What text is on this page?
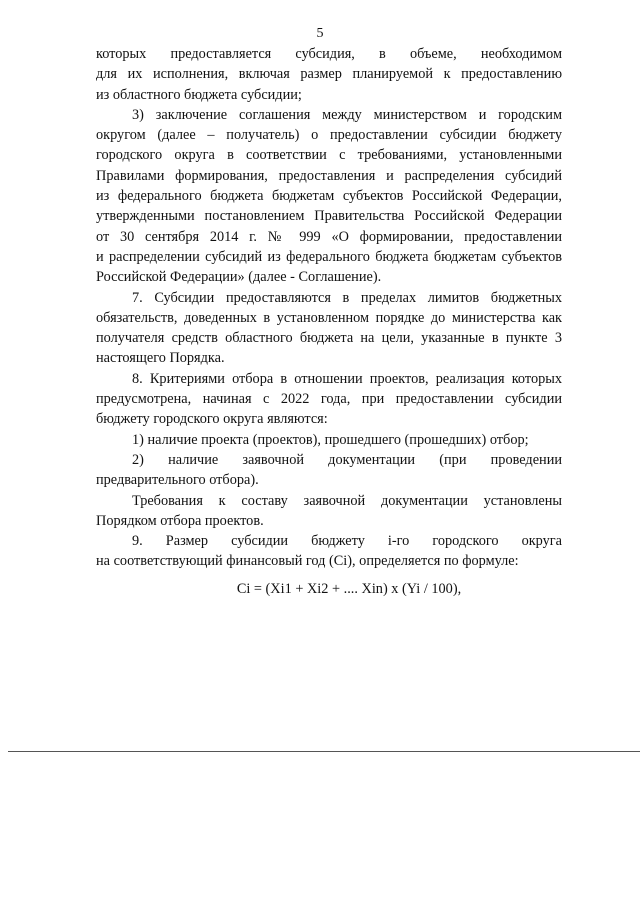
5

которых предоставляется субсидия, в объеме, необходимом
для их исполнения, включая размер планируемой к предоставлению
из областного бюджета субсидии;

3) заключение соглашения между министерством и городским
округом (далее – получатель) о предоставлении субсидии бюджету
городского округа в соответствии с требованиями, установленными
Правилами формирования, предоставления и распределения субсидий
из федерального бюджета бюджетам субъектов Российской Федерации,
утвержденными постановлением Правительства Российской Федерации
от 30 сентября 2014 г. № 999 «О формировании, предоставлении
и распределении субсидий из федерального бюджета бюджетам субъектов
Российской Федерации» (далее - Соглашение).

7. Субсидии предоставляются в пределах лимитов бюджетных
обязательств, доведенных в установленном порядке до министерства как
получателя средств областного бюджета на цели, указанные в пункте 3
настоящего Порядка.

8. Критериями отбора в отношении проектов, реализация которых
предусмотрена, начиная с 2022 года, при предоставлении субсидии
бюджету городского округа являются:

1) наличие проекта (проектов), прошедшего (прошедших) отбор;

2) наличие заявочной документации (при проведении
предварительного отбора).

Требования к составу заявочной документации установлены
Порядком отбора проектов.

9. Размер субсидии бюджету i-го городского округа
на соответствующий финансовый год (Ci), определяется по формуле:

Ci = (Xi1 + Xi2 + .... Xin) x (Yi / 100),
